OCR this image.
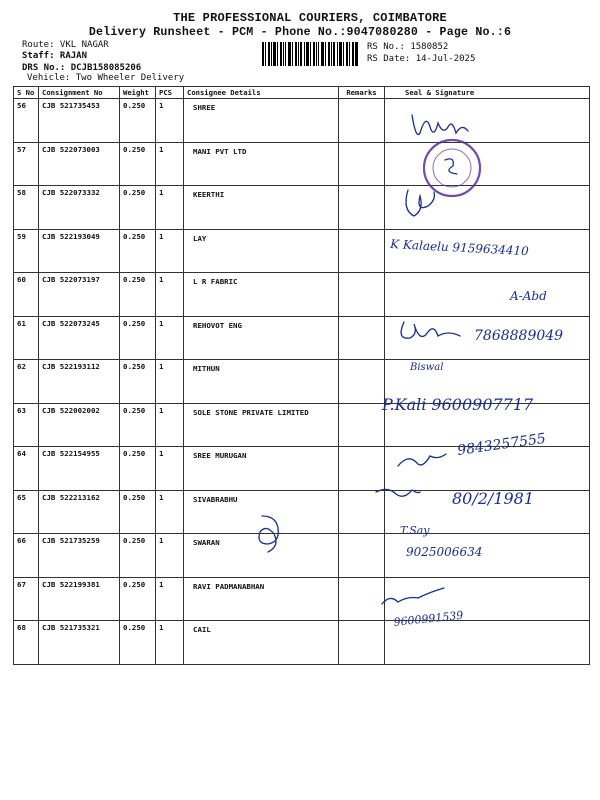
THE PROFESSIONAL COURIERS, COIMBATORE
Delivery Runsheet - PCM - Phone No.:9047080280 - Page No.:6
Route: VKL NAGAR
Staff: RAJAN
DRS No.: DCJB158085206
Vehicle: Two Wheeler Delivery
RS No.: 1580852
RS Date: 14-Jul-2025
S No	Consignment No	Weight	PCS	Consignee Details	Remarks	Seal & Signature
56	CJB 521735453	0.250	1	SHREE		
57	CJB 522073003	0.250	1	MANI PVT LTD		
58	CJB 522073332	0.250	1	KEERTHI		
59	CJB 522193049	0.250	1	LAY		
60	CJB 522073197	0.250	1	L R FABRIC		
61	CJB 522073245	0.250	1	REHOVOT ENG		
62	CJB 522193112	0.250	1	MITHUN		
63	CJB 522002002	0.250	1	SOLE STONE PRIVATE LIMITED		
64	CJB 522154955	0.250	1	SREE MURUGAN		
65	CJB 522213162	0.250	1	SIVABRABHU		
66	CJB 521735259	0.250	1	SWARAN		
67	CJB 522199381	0.250	1	RAVI PADMANABHAN		
68	CJB 521735321	0.250	1	CAIL		
K Kalaelu 9159634410
A-Abd
7868889049
Biswal
P.Kali 9600907717
9843257555
80/2/1981
T.Say
9025006634
9600991539
